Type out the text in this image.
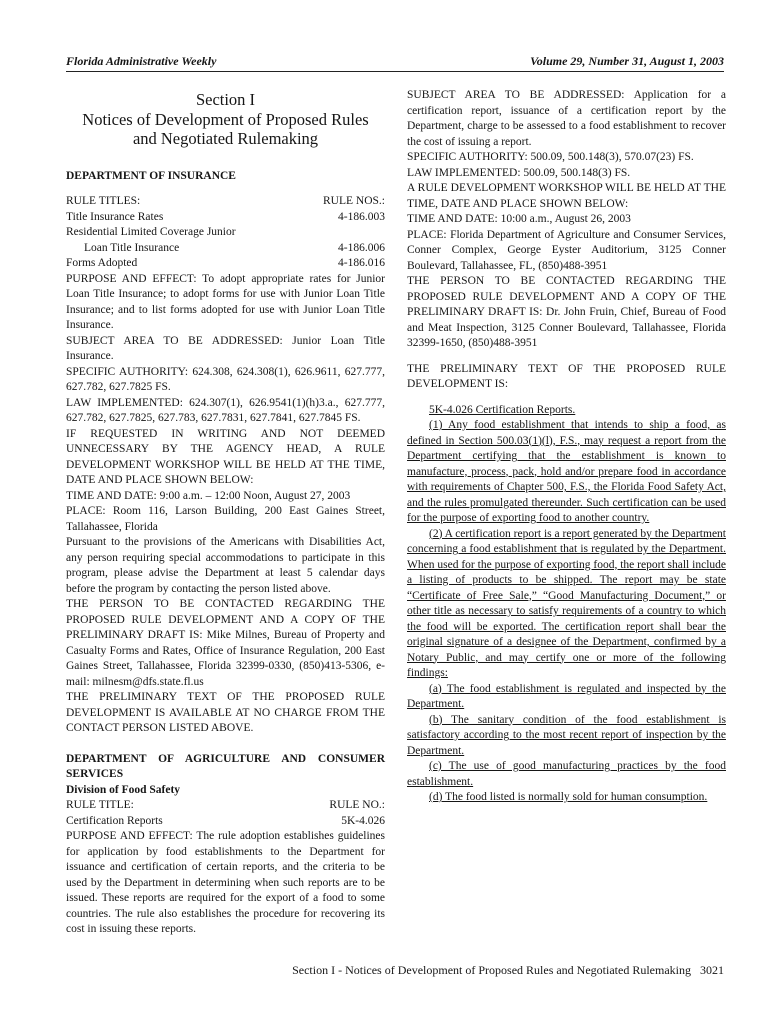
Florida Administrative Weekly	Volume 29, Number 31, August 1, 2003
Section I
Notices of Development of Proposed Rules
and Negotiated Rulemaking

DEPARTMENT OF INSURANCE

RULE TITLES:	RULE NOS.:
Title Insurance Rates	4-186.003
Residential Limited Coverage Junior
Loan Title Insurance	4-186.006
Forms Adopted	4-186.016

PURPOSE AND EFFECT: To adopt appropriate rates for Junior Loan Title Insurance; to adopt forms for use with Junior Loan Title Insurance; and to list forms adopted for use with Junior Loan Title Insurance.

SUBJECT AREA TO BE ADDRESSED: Junior Loan Title Insurance.

SPECIFIC AUTHORITY: 624.308, 624.308(1), 626.9611, 627.777, 627.782, 627.7825 FS.

LAW IMPLEMENTED: 624.307(1), 626.9541(1)(h)3.a., 627.777, 627.782, 627.7825, 627.783, 627.7831, 627.7841, 627.7845 FS.

IF REQUESTED IN WRITING AND NOT DEEMED UNNECESSARY BY THE AGENCY HEAD, A RULE DEVELOPMENT WORKSHOP WILL BE HELD AT THE TIME, DATE AND PLACE SHOWN BELOW:

TIME AND DATE: 9:00 a.m. – 12:00 Noon, August 27, 2003

PLACE: Room 116, Larson Building, 200 East Gaines Street, Tallahassee, Florida

Pursuant to the provisions of the Americans with Disabilities Act, any person requiring special accommodations to participate in this program, please advise the Department at least 5 calendar days before the program by contacting the person listed above.

THE PERSON TO BE CONTACTED REGARDING THE PROPOSED RULE DEVELOPMENT AND A COPY OF THE PRELIMINARY DRAFT IS: Mike Milnes, Bureau of Property and Casualty Forms and Rates, Office of Insurance Regulation, 200 East Gaines Street, Tallahassee, Florida 32399-0330, (850)413-5306, e-mail: milnesm@dfs.state.fl.us

THE PRELIMINARY TEXT OF THE PROPOSED RULE DEVELOPMENT IS AVAILABLE AT NO CHARGE FROM THE CONTACT PERSON LISTED ABOVE.

DEPARTMENT OF AGRICULTURE AND CONSUMER SERVICES

Division of Food Safety

RULE TITLE:	RULE NO.:
Certification Reports	5K-4.026

PURPOSE AND EFFECT: The rule adoption establishes guidelines for application by food establishments to the Department for issuance and certification of certain reports, and the criteria to be used by the Department in determining when such reports are to be issued. These reports are required for the export of a food to some countries. The rule also establishes the procedure for recovering its cost in issuing these reports.

SUBJECT AREA TO BE ADDRESSED: Application for a certification report, issuance of a certification report by the Department, charge to be assessed to a food establishment to recover the cost of issuing a report.

SPECIFIC AUTHORITY: 500.09, 500.148(3), 570.07(23) FS.

LAW IMPLEMENTED: 500.09, 500.148(3) FS.

A RULE DEVELOPMENT WORKSHOP WILL BE HELD AT THE TIME, DATE AND PLACE SHOWN BELOW:

TIME AND DATE: 10:00 a.m., August 26, 2003

PLACE: Florida Department of Agriculture and Consumer Services, Conner Complex, George Eyster Auditorium, 3125 Conner Boulevard, Tallahassee, FL, (850)488-3951

THE PERSON TO BE CONTACTED REGARDING THE PROPOSED RULE DEVELOPMENT AND A COPY OF THE PRELIMINARY DRAFT IS: Dr. John Fruin, Chief, Bureau of Food and Meat Inspection, 3125 Conner Boulevard, Tallahassee, Florida 32399-1650, (850)488-3951

THE PRELIMINARY TEXT OF THE PROPOSED RULE DEVELOPMENT IS:

5K-4.026 Certification Reports.

(1) Any food establishment that intends to ship a food, as defined in Section 500.03(1)(l), F.S., may request a report from the Department certifying that the establishment is known to manufacture, process, pack, hold and/or prepare food in accordance with requirements of Chapter 500, F.S., the Florida Food Safety Act, and the rules promulgated thereunder. Such certification can be used for the purpose of exporting food to another country.

(2) A certification report is a report generated by the Department concerning a food establishment that is regulated by the Department. When used for the purpose of exporting food, the report shall include a listing of products to be shipped. The report may be state “Certificate of Free Sale,” “Good Manufacturing Document,” or other title as necessary to satisfy requirements of a country to which the food will be exported. The certification report shall bear the original signature of a designee of the Department, confirmed by a Notary Public, and may certify one or more of the following findings:

(a) The food establishment is regulated and inspected by the Department.

(b) The sanitary condition of the food establishment is satisfactory according to the most recent report of inspection by the Department.

(c) The use of good manufacturing practices by the food establishment.

(d) The food listed is normally sold for human consumption.

Section I - Notices of Development of Proposed Rules and Negotiated Rulemaking 3021
